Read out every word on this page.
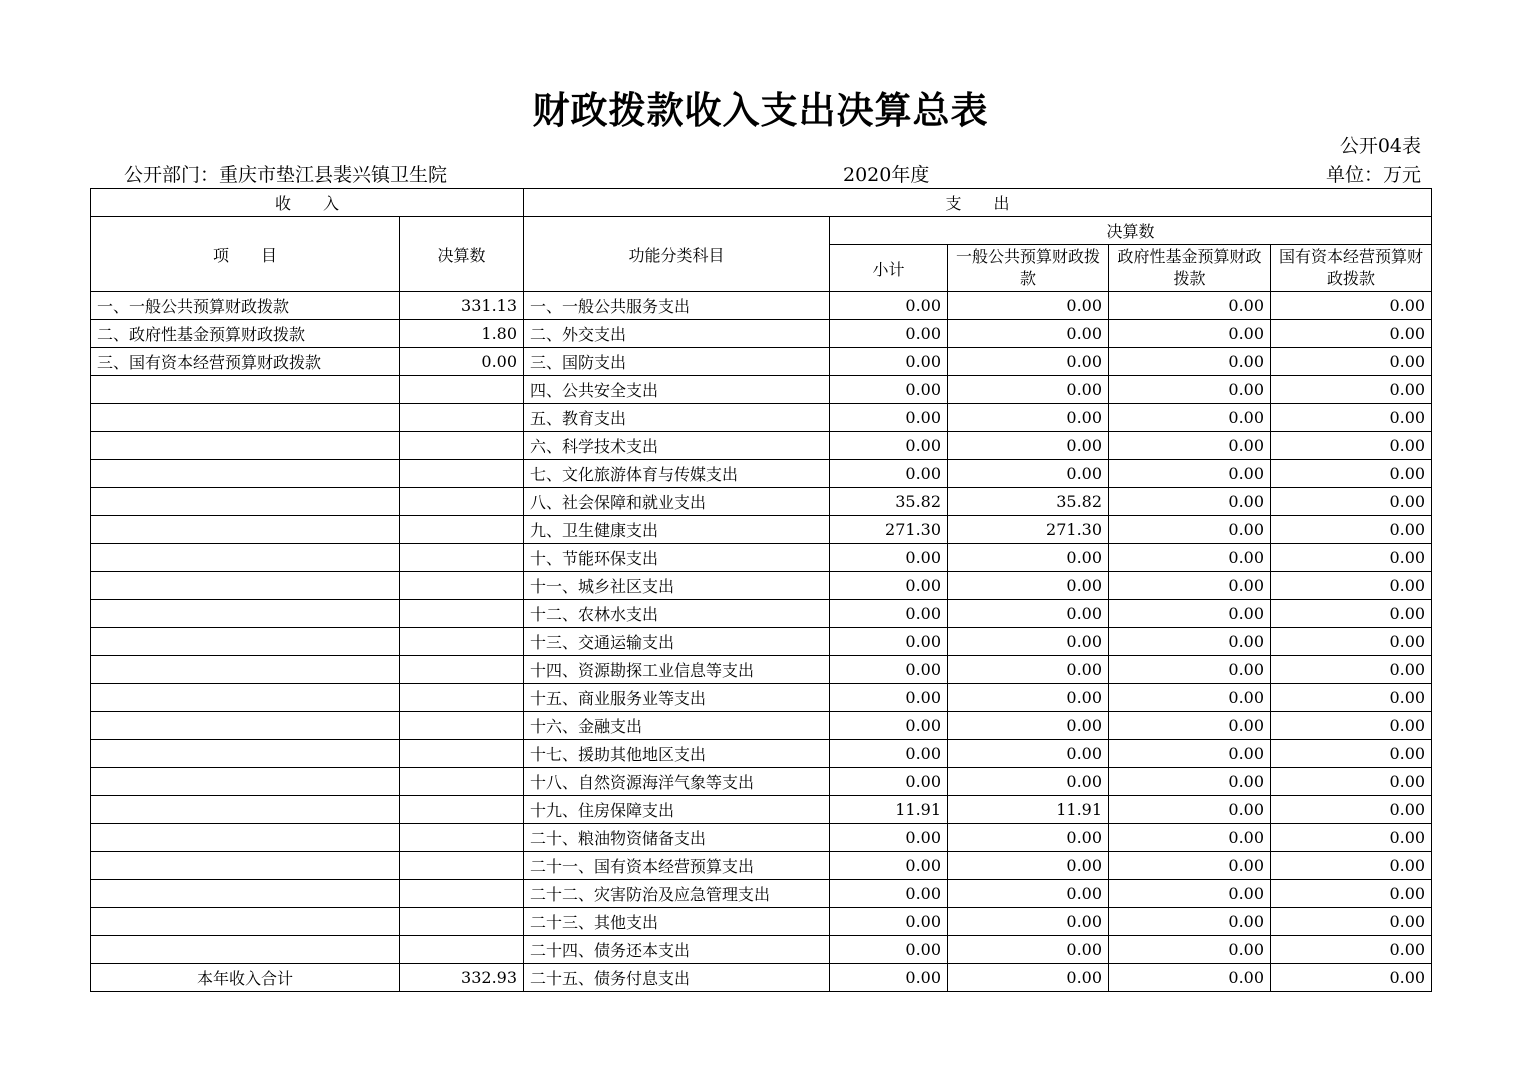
财政拨款收入支出决算总表
公开04表
公开部门：重庆市垫江县裴兴镇卫生院	2020年度	单位：万元
收　　入		支　　出				
项　　目	决算数	功能分类科目	决算数			
			小计	一般公共预算财政拨款	政府性基金预算财政拨款	国有资本经营预算财政拨款
一、一般公共预算财政拨款	331.13	一、一般公共服务支出	0.00	0.00	0.00	0.00
二、政府性基金预算财政拨款	1.80	二、外交支出	0.00	0.00	0.00	0.00
三、国有资本经营预算财政拨款	0.00	三、国防支出	0.00	0.00	0.00	0.00
		四、公共安全支出	0.00	0.00	0.00	0.00
		五、教育支出	0.00	0.00	0.00	0.00
		六、科学技术支出	0.00	0.00	0.00	0.00
		七、文化旅游体育与传媒支出	0.00	0.00	0.00	0.00
		八、社会保障和就业支出	35.82	35.82	0.00	0.00
		九、卫生健康支出	271.30	271.30	0.00	0.00
		十、节能环保支出	0.00	0.00	0.00	0.00
		十一、城乡社区支出	0.00	0.00	0.00	0.00
		十二、农林水支出	0.00	0.00	0.00	0.00
		十三、交通运输支出	0.00	0.00	0.00	0.00
		十四、资源勘探工业信息等支出	0.00	0.00	0.00	0.00
		十五、商业服务业等支出	0.00	0.00	0.00	0.00
		十六、金融支出	0.00	0.00	0.00	0.00
		十七、援助其他地区支出	0.00	0.00	0.00	0.00
		十八、自然资源海洋气象等支出	0.00	0.00	0.00	0.00
		十九、住房保障支出	11.91	11.91	0.00	0.00
		二十、粮油物资储备支出	0.00	0.00	0.00	0.00
		二十一、国有资本经营预算支出	0.00	0.00	0.00	0.00
		二十二、灾害防治及应急管理支出	0.00	0.00	0.00	0.00
		二十三、其他支出	0.00	0.00	0.00	0.00
		二十四、债务还本支出	0.00	0.00	0.00	0.00
本年收入合计	332.93	二十五、债务付息支出	0.00	0.00	0.00	0.00
